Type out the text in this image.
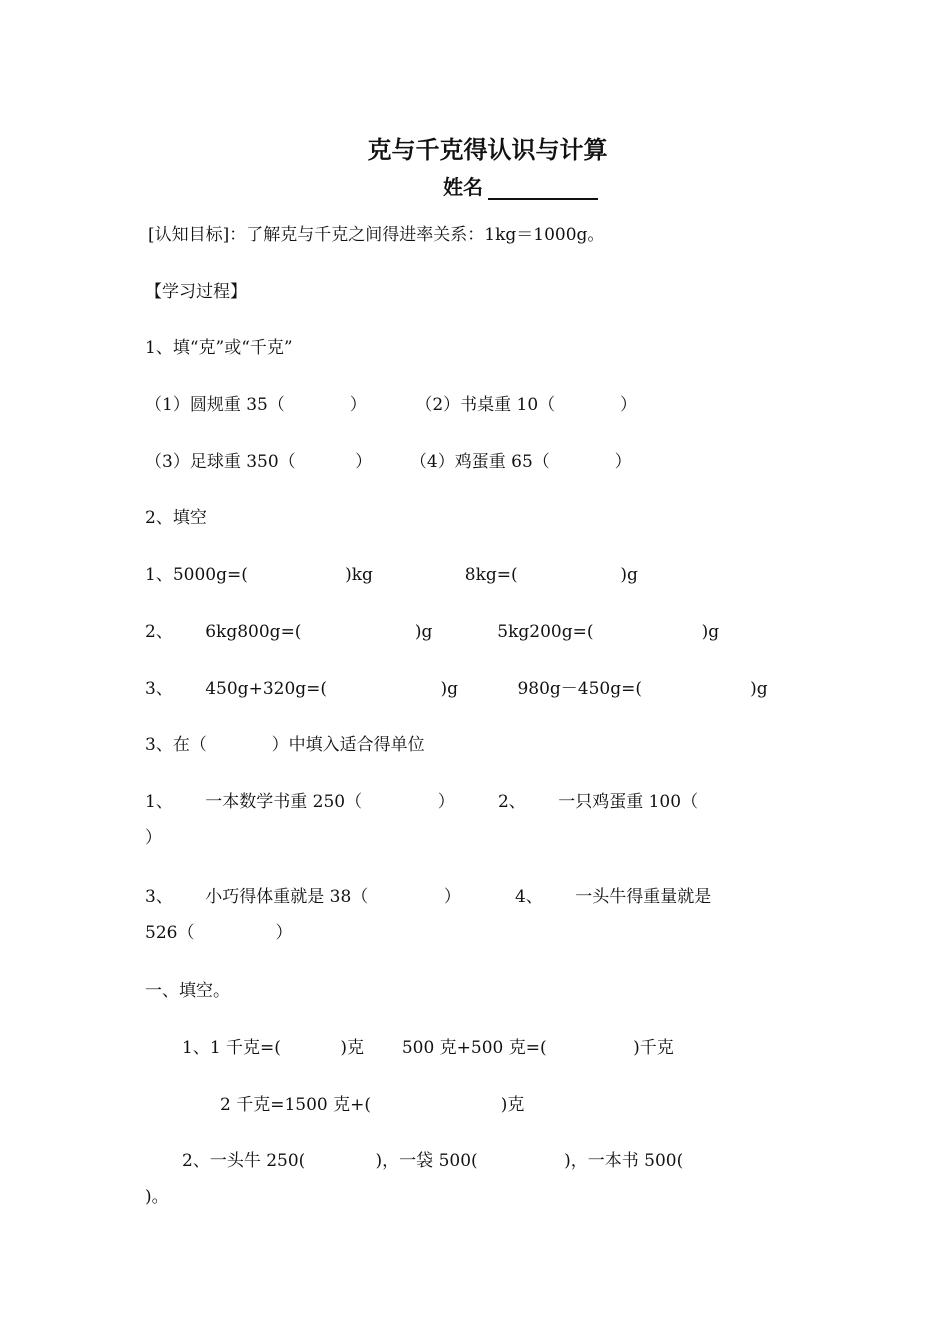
克与千克得认识与计算
姓名
[认知目标]：了解克与千克之间得进率关系：1kg＝1000g。
【学习过程】
1、填“克”或“千克”
（1）圆规重 35（            ）         （2）书桌重 10（            ）
（3）足球重 350（           ）       （4）鸡蛋重 65（            ）
2、填空
1、5000g=(                  )kg                 8kg=(                   )g
2、      6kg800g=(                     )g            5kg200g=(                    )g
3、      450g+320g=(                     )g           980g－450g=(                    )g
3、在（            ）中填入适合得单位
1、      一本数学书重 250（              ）        2、      一只鸡蛋重 100（
）
3、      小巧得体重就是 38（              ）          4、      一头牛得重量就是
526（               ）
一、填空。
1、1 千克=(           )克       500 克+500 克=(                )千克
2 千克=1500 克+(                        )克
2、一头牛 250(             )，一袋 500(                )，一本书 500(
)。
